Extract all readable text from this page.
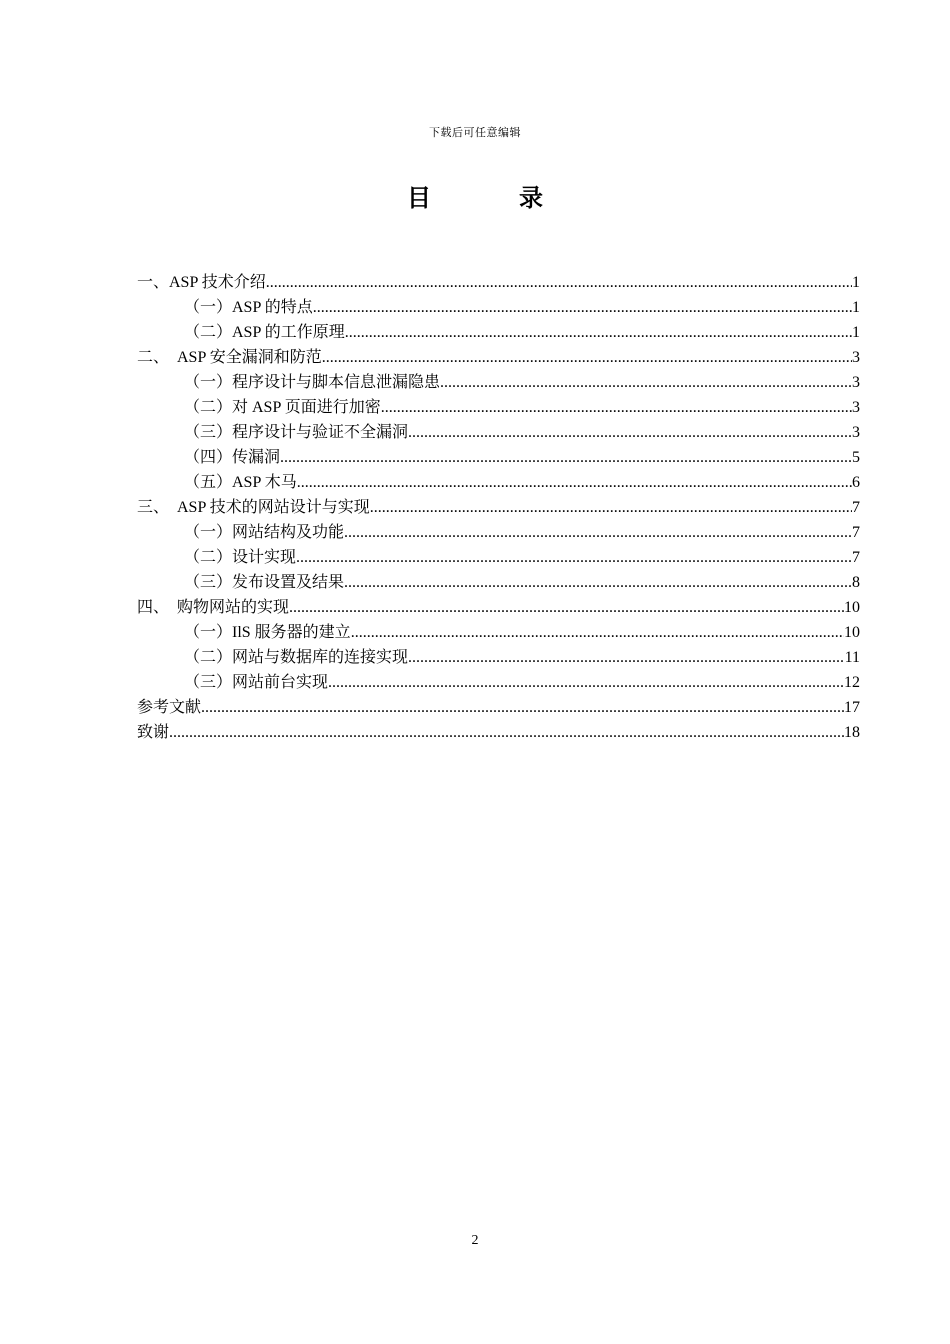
下载后可任意编辑
目　录
一、ASP 技术介绍 .....	1
（一）ASP 的特点 .....	1
（二）ASP 的工作原理 .....	1
二、　ASP 安全漏洞和防范 .....	3
（一）程序设计与脚本信息泄漏隐患 .....	3
（二）对 ASP 页面进行加密 .....	3
（三）程序设计与验证不全漏洞 .....	3
（四）传漏洞 .....	5
（五）ASP 木马 .....	6
三、　ASP 技术的网站设计与实现 .....	7
（一）网站结构及功能 .....	7
（二）设计实现 .....	7
（三）发布设置及结果 .....	8
四、　购物网站的实现 .....	10
（一）IlS 服务器的建立 .....	10
（二）网站与数据库的连接实现 .....	11
（三）网站前台实现 .....	12
参考文献 .....	17
致谢 .....	18
2
